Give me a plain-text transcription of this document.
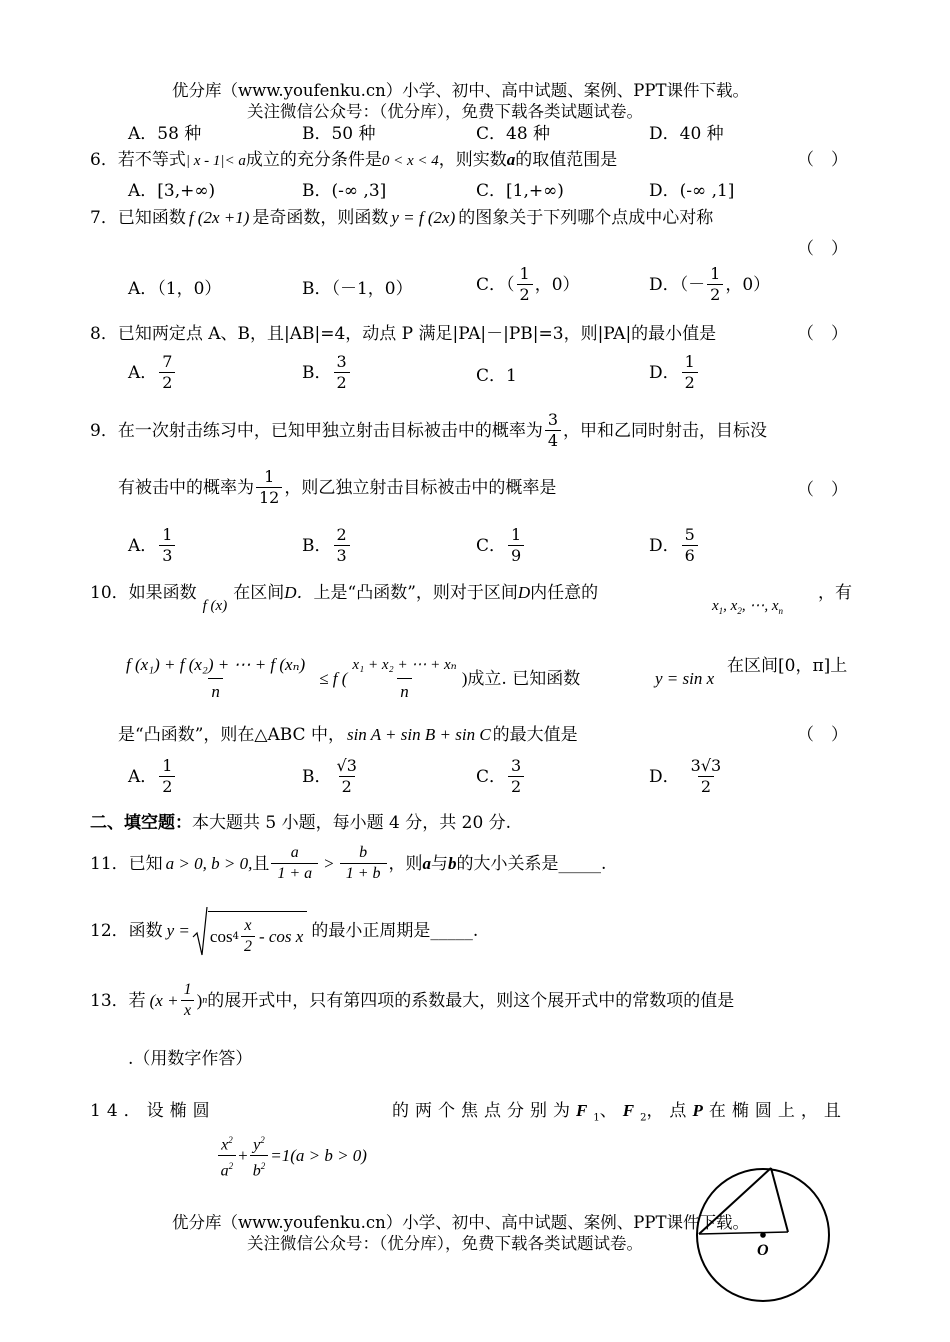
优分库（www.youfenku.cn）小学、初中、高中试题、案例、PPT课件下载。
关注微信公众号：（优分库），免费下载各类试题试卷。
A．58 种	B．50 种	C．48 种	D．40 种
6．若不等式| x - 1|< a成立的充分条件是0 < x < 4，则实数a的取值范围是	（　）
A．[3,+∞)	B．(-∞ ,3]	C．[1,+∞)	D．(-∞ ,1]
7．已知函数 f (2x +1) 是奇函数，则函数 y = f (2x) 的图象关于下列哪个点成中心对称
（　）
A．（1，0）	B．（－1，0）	C．（ $\frac{1}{2}$ ，0）	D．（－ $\frac{1}{2}$ ，0）
8．已知两定点 A、B，且|AB|=4，动点 P 满足|PA|－|PB|=3，则|PA|的最小值是	（　）
A． $\frac{7}{2}$	B． $\frac{3}{2}$	C．1	D． $\frac{1}{2}$
9．在一次射击练习中，已知甲独立射击目标被击中的概率为 $\frac{3}{4}$ ，甲和乙同时射击，目标没
有被击中的概率为 $\frac{1}{12}$ ，则乙独立射击目标被击中的概率是	（　）
A． $\frac{1}{3}$	B． $\frac{2}{3}$	C． $\frac{1}{9}$	D． $\frac{5}{6}$
10．如果函数f (x)在区间D．上是“凸函数”，则对于区间D内任意的
$x_1$, $x_2$, ⋯, $x_n$
，有
$\frac{\text{f (x₁) + f (x₂) + ⋯ + f (xₙ)}}{n} \le f$ ( $\frac{\text{x₁ + x₂ + ⋯ + xₙ}}{n}$ ) 成立. 已知函数	y = sin x
在区间[0，π]上
是“凸函数”，则在△ABC 中， sin A + sin B + sin C 的最大值是	（　）
A． $\frac{1}{2}$	B． $\frac{√3}{2}$	C． $\frac{3}{2}$	D． $\frac{3√3}{2}$
二、填空题：本大题共 5 小题，每小题 4 分，共 20 分.
11．已知 a > 0, b > 0, 且 $\frac{a}{1 + a} > \frac{b}{1 + b}$ ，则 a 与 b 的大小关系是 _____.
12．函数 $y = \cos 4 \frac{x}{2} - \cos x$ 的最小正周期是 _____.
13．若 ($x + \frac{1}{x}$ ) n 的展开式中，只有第四项的系数最大，则这个展开式中的常数项的值是
.（用数字作答）
14．设椭圆
$\frac{x^2}{a^2} + \frac{y^2}{b^2} =1(a > b > 0)$
的两个焦点分别为$F_1$、$F_2$，点P在椭圆上，且
O
优分库（www.youfenku.cn）小学、初中、高中试题、案例、PPT课件下载。
关注微信公众号：（优分库），免费下载各类试题试卷。
